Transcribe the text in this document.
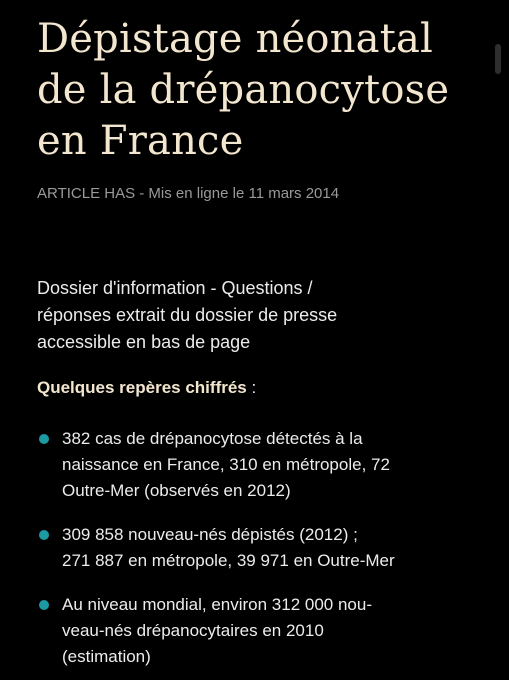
Dépistage néonatal
de la drépanocytose
en France
ARTICLE HAS - Mis en ligne le 11 mars 2014
Dossier d'information - Questions /
réponses extrait du dossier de presse
accessible en bas de page
Quelques repères chiffrés :
382 cas de drépanocytose détectés à la
naissance en France, 310 en métropole, 72
Outre-Mer (observés en 2012)
309 858 nouveau-nés dépistés (2012) ;
271 887 en métropole, 39 971 en Outre-Mer
Au niveau mondial, environ 312 000 nou-
veau-nés drépanocytaires en 2010
(estimation)
